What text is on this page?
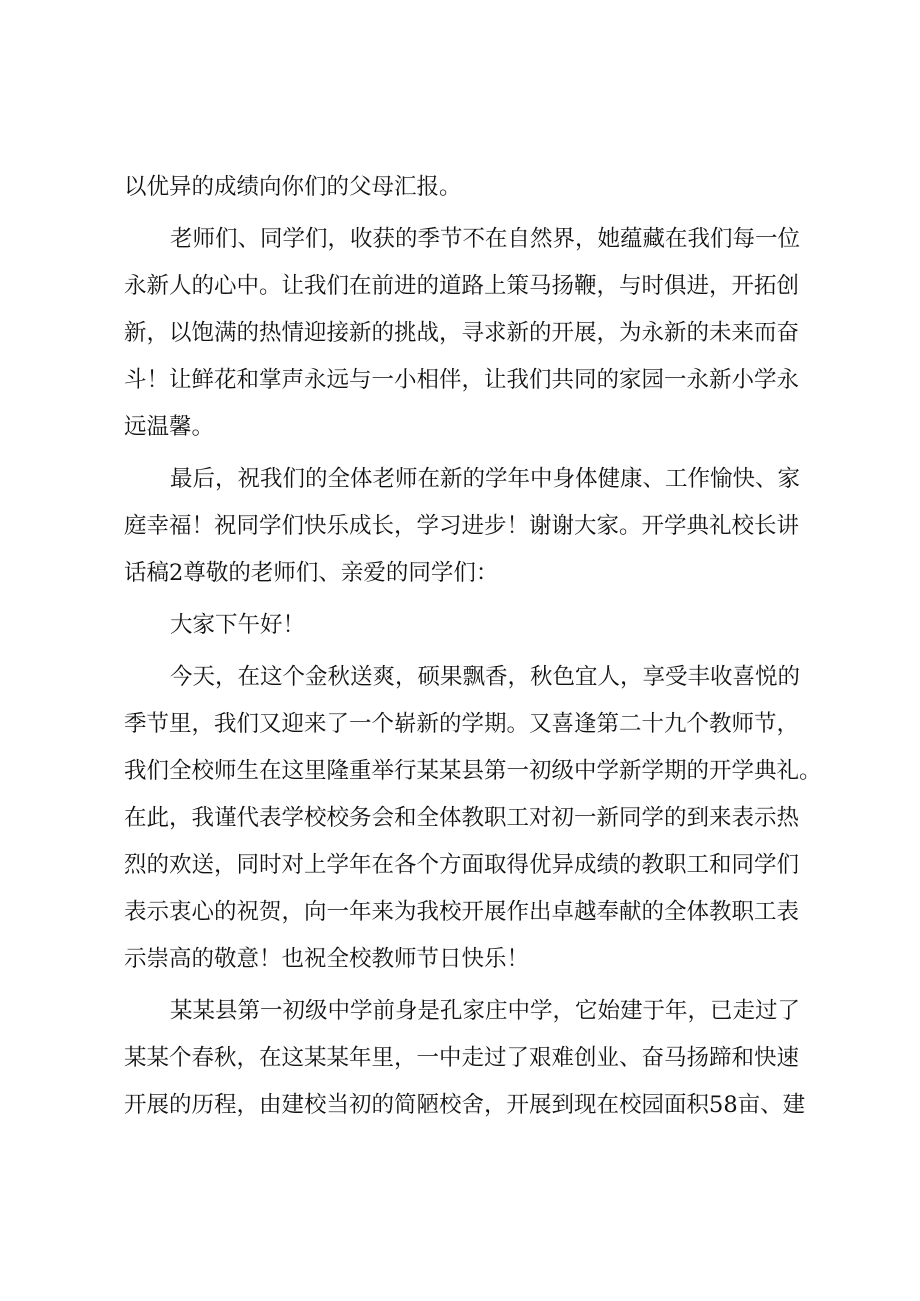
以优异的成绩向你们的父母汇报。
老师们、同学们，收获的季节不在自然界，她蕴藏在我们每一位
永新人的心中。让我们在前进的道路上策马扬鞭，与时俱进，开拓创
新，以饱满的热情迎接新的挑战，寻求新的开展，为永新的未来而奋
斗！让鲜花和掌声永远与一小相伴，让我们共同的家园一永新小学永
远温馨。
最后，祝我们的全体老师在新的学年中身体健康、工作愉快、家
庭幸福！祝同学们快乐成长，学习进步！谢谢大家。开学典礼校长讲
话稿2尊敬的老师们、亲爱的同学们：
大家下午好！
今天，在这个金秋送爽，硕果飘香，秋色宜人，享受丰收喜悦的
季节里，我们又迎来了一个崭新的学期。又喜逢第二十九个教师节，
我们全校师生在这里隆重举行某某县第一初级中学新学期的开学典礼。
在此，我谨代表学校校务会和全体教职工对初一新同学的到来表示热
烈的欢送，同时对上学年在各个方面取得优异成绩的教职工和同学们
表示衷心的祝贺，向一年来为我校开展作出卓越奉献的全体教职工表
示崇高的敬意！也祝全校教师节日快乐！
某某县第一初级中学前身是孔家庄中学，它始建于年，已走过了
某某个春秋，在这某某年里，一中走过了艰难创业、奋马扬蹄和快速
开展的历程，由建校当初的简陋校舍，开展到现在校园面积58亩、建
